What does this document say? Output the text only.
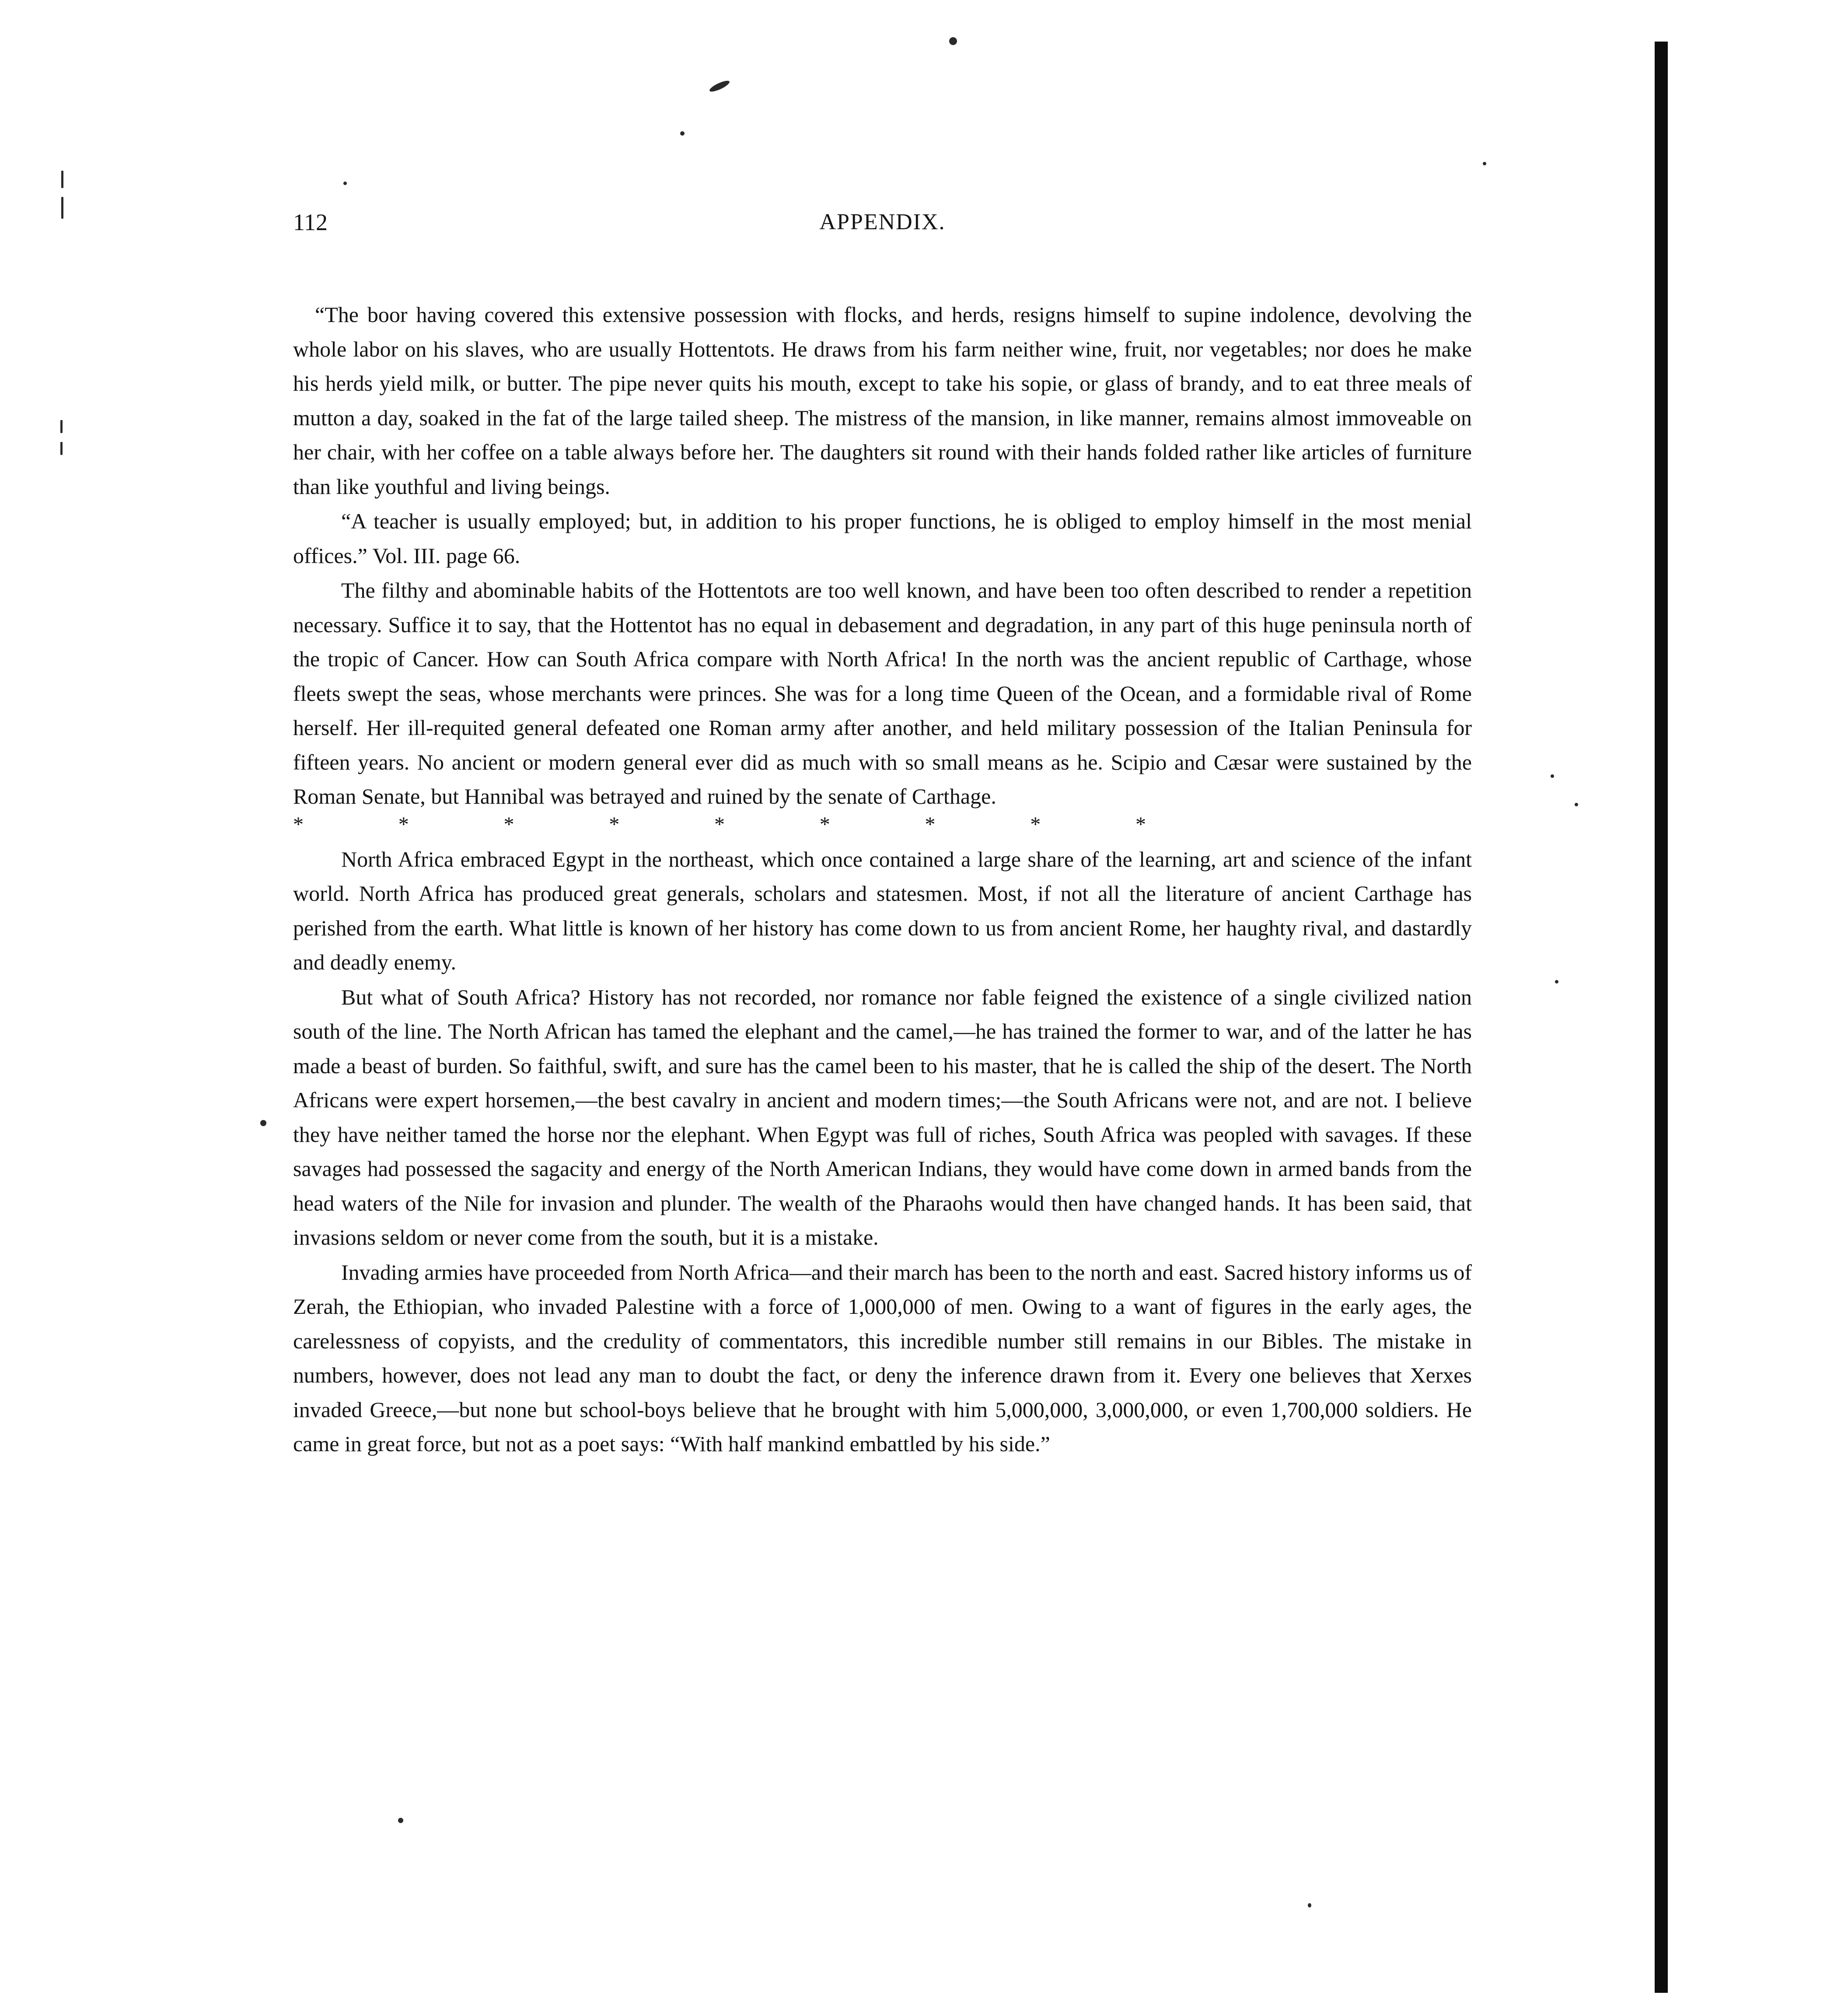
112	APPENDIX.

“The boor having covered this extensive possession with flocks, and herds, resigns himself to supine indolence, devolving the whole labor on his slaves, who are usually Hottentots. He draws from his farm neither wine, fruit, nor vegetables; nor does he make his herds yield milk, or butter. The pipe never quits his mouth, except to take his sopie, or glass of brandy, and to eat three meals of mutton a day, soaked in the fat of the large tailed sheep. The mistress of the mansion, in like manner, remains almost immoveable on her chair, with her coffee on a table always before her. The daughters sit round with their hands folded rather like articles of furniture than like youthful and living beings.

“A teacher is usually employed; but, in addition to his proper functions, he is obliged to employ himself in the most menial offices.” Vol. III. page 66.

The filthy and abominable habits of the Hottentots are too well known, and have been too often described to render a repetition necessary. Suffice it to say, that the Hottentot has no equal in debasement and degradation, in any part of this huge peninsula north of the tropic of Cancer. How can South Africa compare with North Africa! In the north was the ancient republic of Carthage, whose fleets swept the seas, whose merchants were princes. She was for a long time Queen of the Ocean, and a formidable rival of Rome herself. Her ill-requited general defeated one Roman army after another, and held military possession of the Italian Peninsula for fifteen years. No ancient or modern general ever did as much with so small means as he. Scipio and Cæsar were sustained by the Roman Senate, but Hannibal was betrayed and ruined by the senate of Carthage.

*	*	*	*	*	*	*	*	*

North Africa embraced Egypt in the northeast, which once contained a large share of the learning, art and science of the infant world. North Africa has produced great generals, scholars and statesmen. Most, if not all the literature of ancient Carthage has perished from the earth. What little is known of her history has come down to us from ancient Rome, her haughty rival, and dastardly and deadly enemy.

But what of South Africa? History has not recorded, nor romance nor fable feigned the existence of a single civilized nation south of the line. The North African has tamed the elephant and the camel,—he has trained the former to war, and of the latter he has made a beast of burden. So faithful, swift, and sure has the camel been to his master, that he is called the ship of the desert. The North Africans were expert horsemen,—the best cavalry in ancient and modern times;—the South Africans were not, and are not. I believe they have neither tamed the horse nor the elephant. When Egypt was full of riches, South Africa was peopled with savages. If these savages had possessed the sagacity and energy of the North American Indians, they would have come down in armed bands from the head waters of the Nile for invasion and plunder. The wealth of the Pharaohs would then have changed hands. It has been said, that invasions seldom or never come from the south, but it is a mistake.

Invading armies have proceeded from North Africa—and their march has been to the north and east. Sacred history informs us of Zerah, the Ethiopian, who invaded Palestine with a force of 1,000,000 of men. Owing to a want of figures in the early ages, the carelessness of copyists, and the credulity of commentators, this incredible number still remains in our Bibles. The mistake in numbers, however, does not lead any man to doubt the fact, or deny the inference drawn from it. Every one believes that Xerxes invaded Greece,—but none but school-boys believe that he brought with him 5,000,000, 3,000,000, or even 1,700,000 soldiers. He came in great force, but not as a poet says: “With half mankind embattled by his side.”
